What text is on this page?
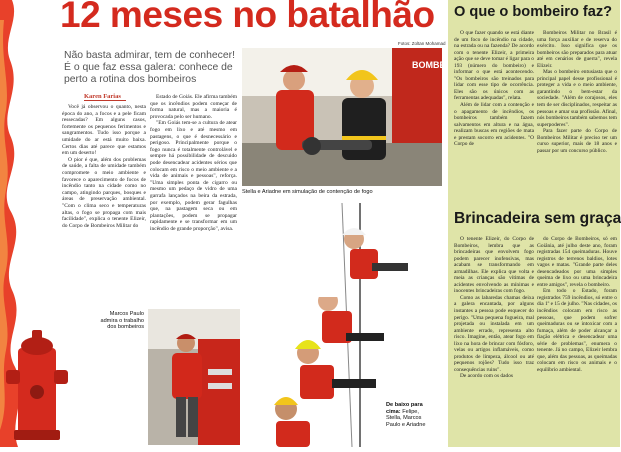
12 meses no batalhão
Fotos: Zoltan Mohamad

Não basta admirar, tem de conhecer! É o que faz essa galera: conhece de perto a rotina dos bombeiros

Karen Farias

Você já observou o quanto, nesta época do ano, a focos e a pele ficam ressecadas? Em alguns casos, fortemente os pequenos ferimentos e sangramentos. Tudo isso porque a umidade do ar está muito baixa. Certos dias até parece que estamos em um deserto!

O pior é que, além dos problemas de saúde, a falta de umidade também compromete o meio ambiente e favorece o aparecimento de focos de incêndio tanto na cidade como no campo, atingindo parques, bosques e áreas de preservação ambiental. "Com o clima seco e temperaturas altas, o fogo se propaga com mais facilidade", explica o tenente Elizeir, do Corpo de Bombeiros Militar do

Estado de Goiás. Ele afirma também que os incêndios podem começar de forma natural, mas a maioria é provocada pelo ser humano.

"Em Goiás tem-se a cultura de atear fogo em lixo e até mesmo em pastagens, o que é desnecessário e perigoso. Principalmente porque o fogo nunca é totalmente controlável e sempre há possibilidade de descuido pode desencadear acidentes sérios que colocam em risco o meio ambiente e a vida de animais e pessoas", reforça. "Uma simples ponta de cigarro ou mesmo um pedaço de vidro de uma garrafa lançados na beira da estrada, por exemplo, podem gerar fagulhas que, na pastagem seca ou em plantações, podem se propagar rapidamente e se transformar em um incêndio de grande proporção", avisa.

BOMBE
Stella e Ariadne em simulação de contenção de fogo
Marcos Paulo admira o trabalho dos bombeiros
De baixo para cima: Felipe, Stella, Marcos Paulo e Ariadne
O que o bombeiro faz?

O que fazer quando se está diante de um foco de incêndio na cidade, na estrada ou na fazenda? De acordo com o tenente Elizeir, a primeira ação que se deve tomar é ligar para o 193 (número do bombeiro) e informar o que está acontecendo. "Os bombeiros são treinados para lidar com esse tipo de ocorrência. Eles são os únicos com as ferramentas adequadas", relata.

Além de lidar com a contenção e o apagamento de incêndios, os bombeiros também fazem salvamentos em altura e na água, realizam buscas em regiões de mata e prestam socorro em acidentes. "O Corpo de

Bombeiros Militar no Brasil é uma força auxiliar e de reserva do exército. Isso significa que os bombeiros são preparados para atuar até em cenários de guerra", revela Elizeir.

Mas o bombeiro entusiasta que o principal papel desse profissional é proteger a vida e o meio ambiente, garantindo o bem-estar da sociedade. "Além de corajosos, eles tem de ser disciplinados, respeitar as pessoas e amar sua profissão. Afinal, nós bombeiros também sabemos tem superpoderes".

Para fazer parte do Corpo de Bombeiros Militar é preciso ter um curso superior, mais de 18 anos e passar por um concurso público.

Brincadeira sem graça

O tenente Elizeir, do Corpo de Bombeiros, lembra que as brincadeiras que envolvem fogo podem parecer inofensivas, mas acabam se transformando em armadilhas. Ele explica que volta e meia as crianças são vítimas de acidentes envolvendo as mínimas e inocentes brincadeiras com fogo.

Como as labaredas chamas deixa a galera encantada, por alguns instantes a pessoa pode esquecer do perigo. "Uma pequena fogueira, mal projetada ou instalada em um ambiente errado, representa alto risco. Imagine, então, atear fogo em lixo na hora de brincar com fósforo, velas ou artigos inflamáveis, como produtos de limpeza, álcool ou até pequenos rojões? Tudo isso traz consequências ruins".

De acordo com os dados

do Corpo de Bombeiros, só em Goiânia, até julho deste ano, foram registradas 154 queimaduras. Houve registros de terrenos baldios, lotes vagos e matas. "Grande parte deles desencadeados por uma simples queima de lixo ou uma brincadeira entre amigos", revela o bombeiro.

Em todo o Estado, foram registrados 759 incêndios, só entre o dia 1º e 15 de julho. "Nas cidades, os incêndios colocam em risco as pessoas, que podem sofrer queimaduras ou se intoxicar com a fumaça, além de poder alcançar a fiação elétrica e desencadear uma série de problemas", enumera o tenente. Já no campo, Elizeir lembra que, além das pessoas, as queimadas colocam em risco os animais e o equilíbrio ambiental.
